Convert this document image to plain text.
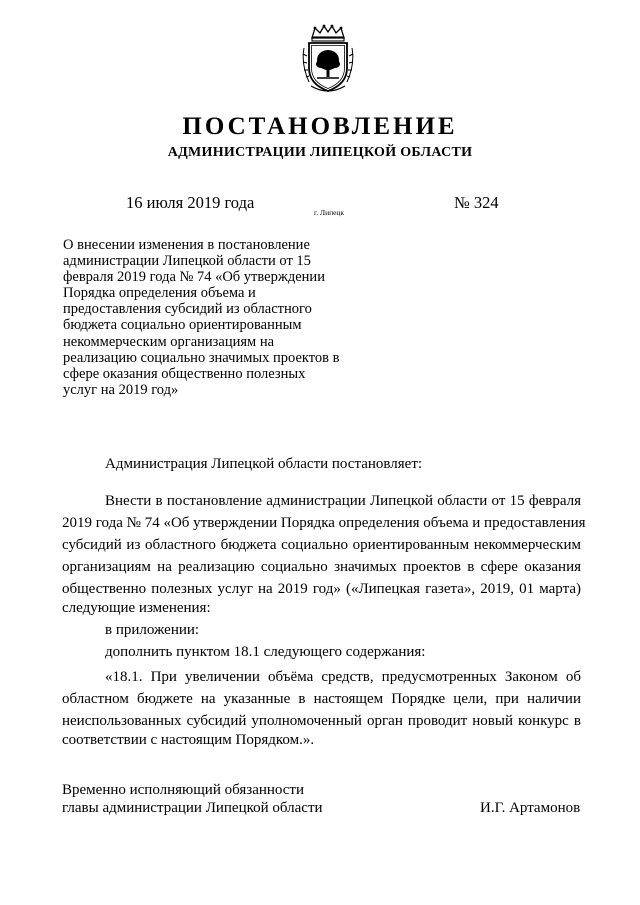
ПОСТАНОВЛЕНИЕ
АДМИНИСТРАЦИИ ЛИПЕЦКОЙ ОБЛАСТИ
16 июля 2019 года
г. Липецк
№ 324
О внесении изменения в постановление
администрации Липецкой области от 15
февраля 2019 года № 74 «Об утверждении
Порядка определения объема и
предоставления субсидий из областного
бюджета социально ориентированным
некоммерческим организациям на
реализацию социально значимых проектов в
сфере оказания общественно полезных
услуг на 2019 год»
Администрация Липецкой области постановляет:
Внести в постановление администрации Липецкой области от 15 февраля
2019 года № 74 «Об утверждении Порядка определения объема и предоставления
субсидий из областного бюджета социально ориентированным некоммерческим
организациям на реализацию социально значимых проектов в сфере оказания
общественно полезных услуг на 2019 год» («Липецкая газета», 2019, 01 марта)
следующие изменения:
в приложении:
дополнить пунктом 18.1 следующего содержания:
«18.1. При увеличении объёма средств, предусмотренных Законом об
областном бюджете на указанные в настоящем Порядке цели, при наличии
неиспользованных субсидий уполномоченный орган проводит новый конкурс в
соответствии с настоящим Порядком.».
Временно исполняющий обязанности
главы администрации Липецкой области	И.Г. Артамонов
